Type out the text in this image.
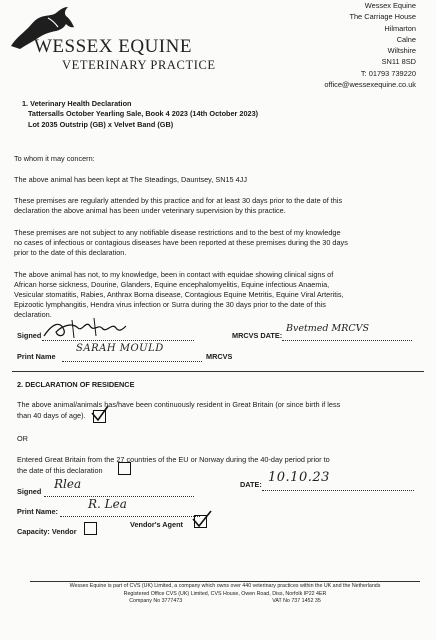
WESSEX EQUINE
VETERINARY PRACTICE
Wessex Equine
The Carriage House
Hilmarton
Calne
Wiltshire
SN11 8SD
T: 01793 739220
office@wessexequine.co.uk
1. Veterinary Health Declaration
Tattersalls October Yearling Sale, Book 4 2023 (14th October 2023)
Lot 2035 Outstrip (GB) x Velvet Band (GB)
To whom it may concern:
The above animal has been kept at The Steadings, Dauntsey, SN15 4JJ
These premises are regularly attended by this practice and for at least 30 days prior to the date of this
declaration the above animal has been under veterinary supervision by this practice.
These premises are not subject to any notifiable disease restrictions and to the best of my knowledge
no cases of infectious or contagious diseases have been reported at these premises during the 30 days
prior to the date of this declaration.
The above animal has not, to my knowledge, been in contact with equidae showing clinical signs of
African horse sickness, Dourine, Glanders, Equine encephalomyelitis, Equine infectious Anaemia,
Vesicular stomatitis, Rabies, Anthrax Borna disease, Contagious Equine Metritis, Equine Viral Arteritis,
Epizootic lymphangitis, Hendra virus infection or Surra during the 30 days prior to the date of this
declaration.
Signed	MRCVS DATE:
Bvetmed MRCVS
Print Name
SARAH MOULD
MRCVS
2. DECLARATION OF RESIDENCE
The above animal/animals has/have been continuously resident in Great Britain (or since birth if less
than 40 days of age).
OR
Entered Great Britain from the 27 countries of the EU or Norway during the 40-day period prior to
the date of this declaration
Signed
Rlea	DATE: 10.10.23
Print Name:
R. Lea
Capacity: Vendor
Vendor's Agent
Wessex Equine is part of CVS (UK) Limited, a company which owns over 440 veterinary practices within the UK and the Netherlands
Registered Office CVS (UK) Limited, CVS House, Owen Road, Diss, Norfolk IP22 4ER
Company No 3777473	VAT No 737 1452 35
